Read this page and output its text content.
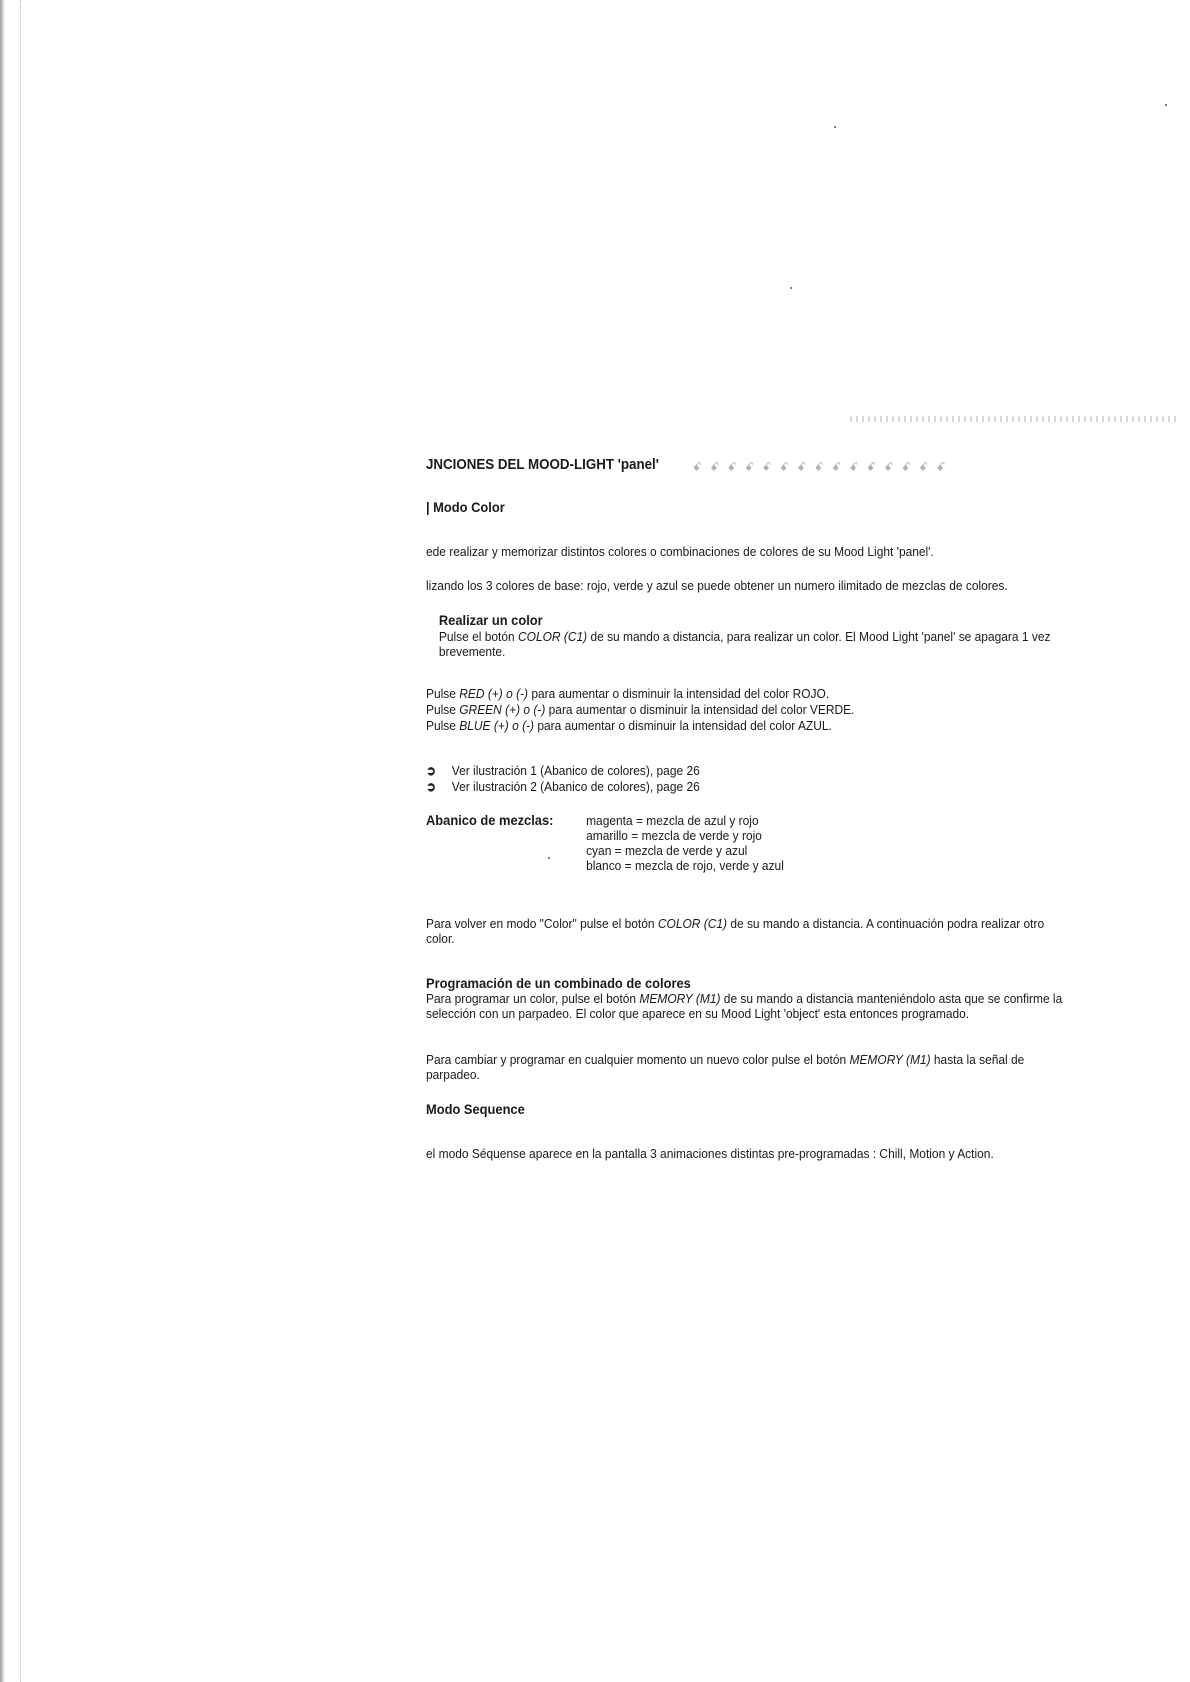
JNCIONES DEL MOOD-LIGHT 'panel'	ꗃ ꗃ ꗃ ꗃ ꗃ ꗃ ꗃ ꗃ ꗃ ꗃ ꗃ ꗃ ꗃ ꗃ ꗃ
| Modo Color
ede realizar y memorizar distintos colores o combinaciones de colores de su Mood Light 'panel'.
lizando los 3 colores de base: rojo, verde y azul se puede obtener un numero ilimitado de mezclas de colores.
Realizar un color
Pulse el botón COLOR (C1) de su mando a distancia, para realizar un color. El Mood Light 'panel' se apagara 1 vez brevemente.
Pulse RED (+) o (-) para aumentar o disminuir la intensidad del color ROJO.
Pulse GREEN (+) o (-) para aumentar o disminuir la intensidad del color VERDE.
Pulse BLUE (+) o (-) para aumentar o disminuir la intensidad del color AZUL.
➲ Ver ilustración 1 (Abanico de colores), page 26
➲ Ver ilustración 2 (Abanico de colores), page 26
Abanico de mezclas:	magenta = mezcla de azul y rojo
amarillo = mezcla de verde y rojo
cyan = mezcla de verde y azul
blanco = mezcla de rojo, verde y azul
Para volver en modo "Color" pulse el botón COLOR (C1) de su mando a distancia. A continuación podra realizar otro color.
Programación de un combinado de colores
Para programar un color, pulse el botón MEMORY (M1) de su mando a distancia manteniéndolo asta que se confirme la selección con un parpadeo. El color que aparece en su Mood Light 'object' esta entonces programado.
Para cambiar y programar en cualquier momento un nuevo color pulse el botón MEMORY (M1) hasta la señal de parpadeo.
Modo Sequence
el modo Séquense aparece en la pantalla 3 animaciones distintas pre-programadas : Chill, Motion y Action.
